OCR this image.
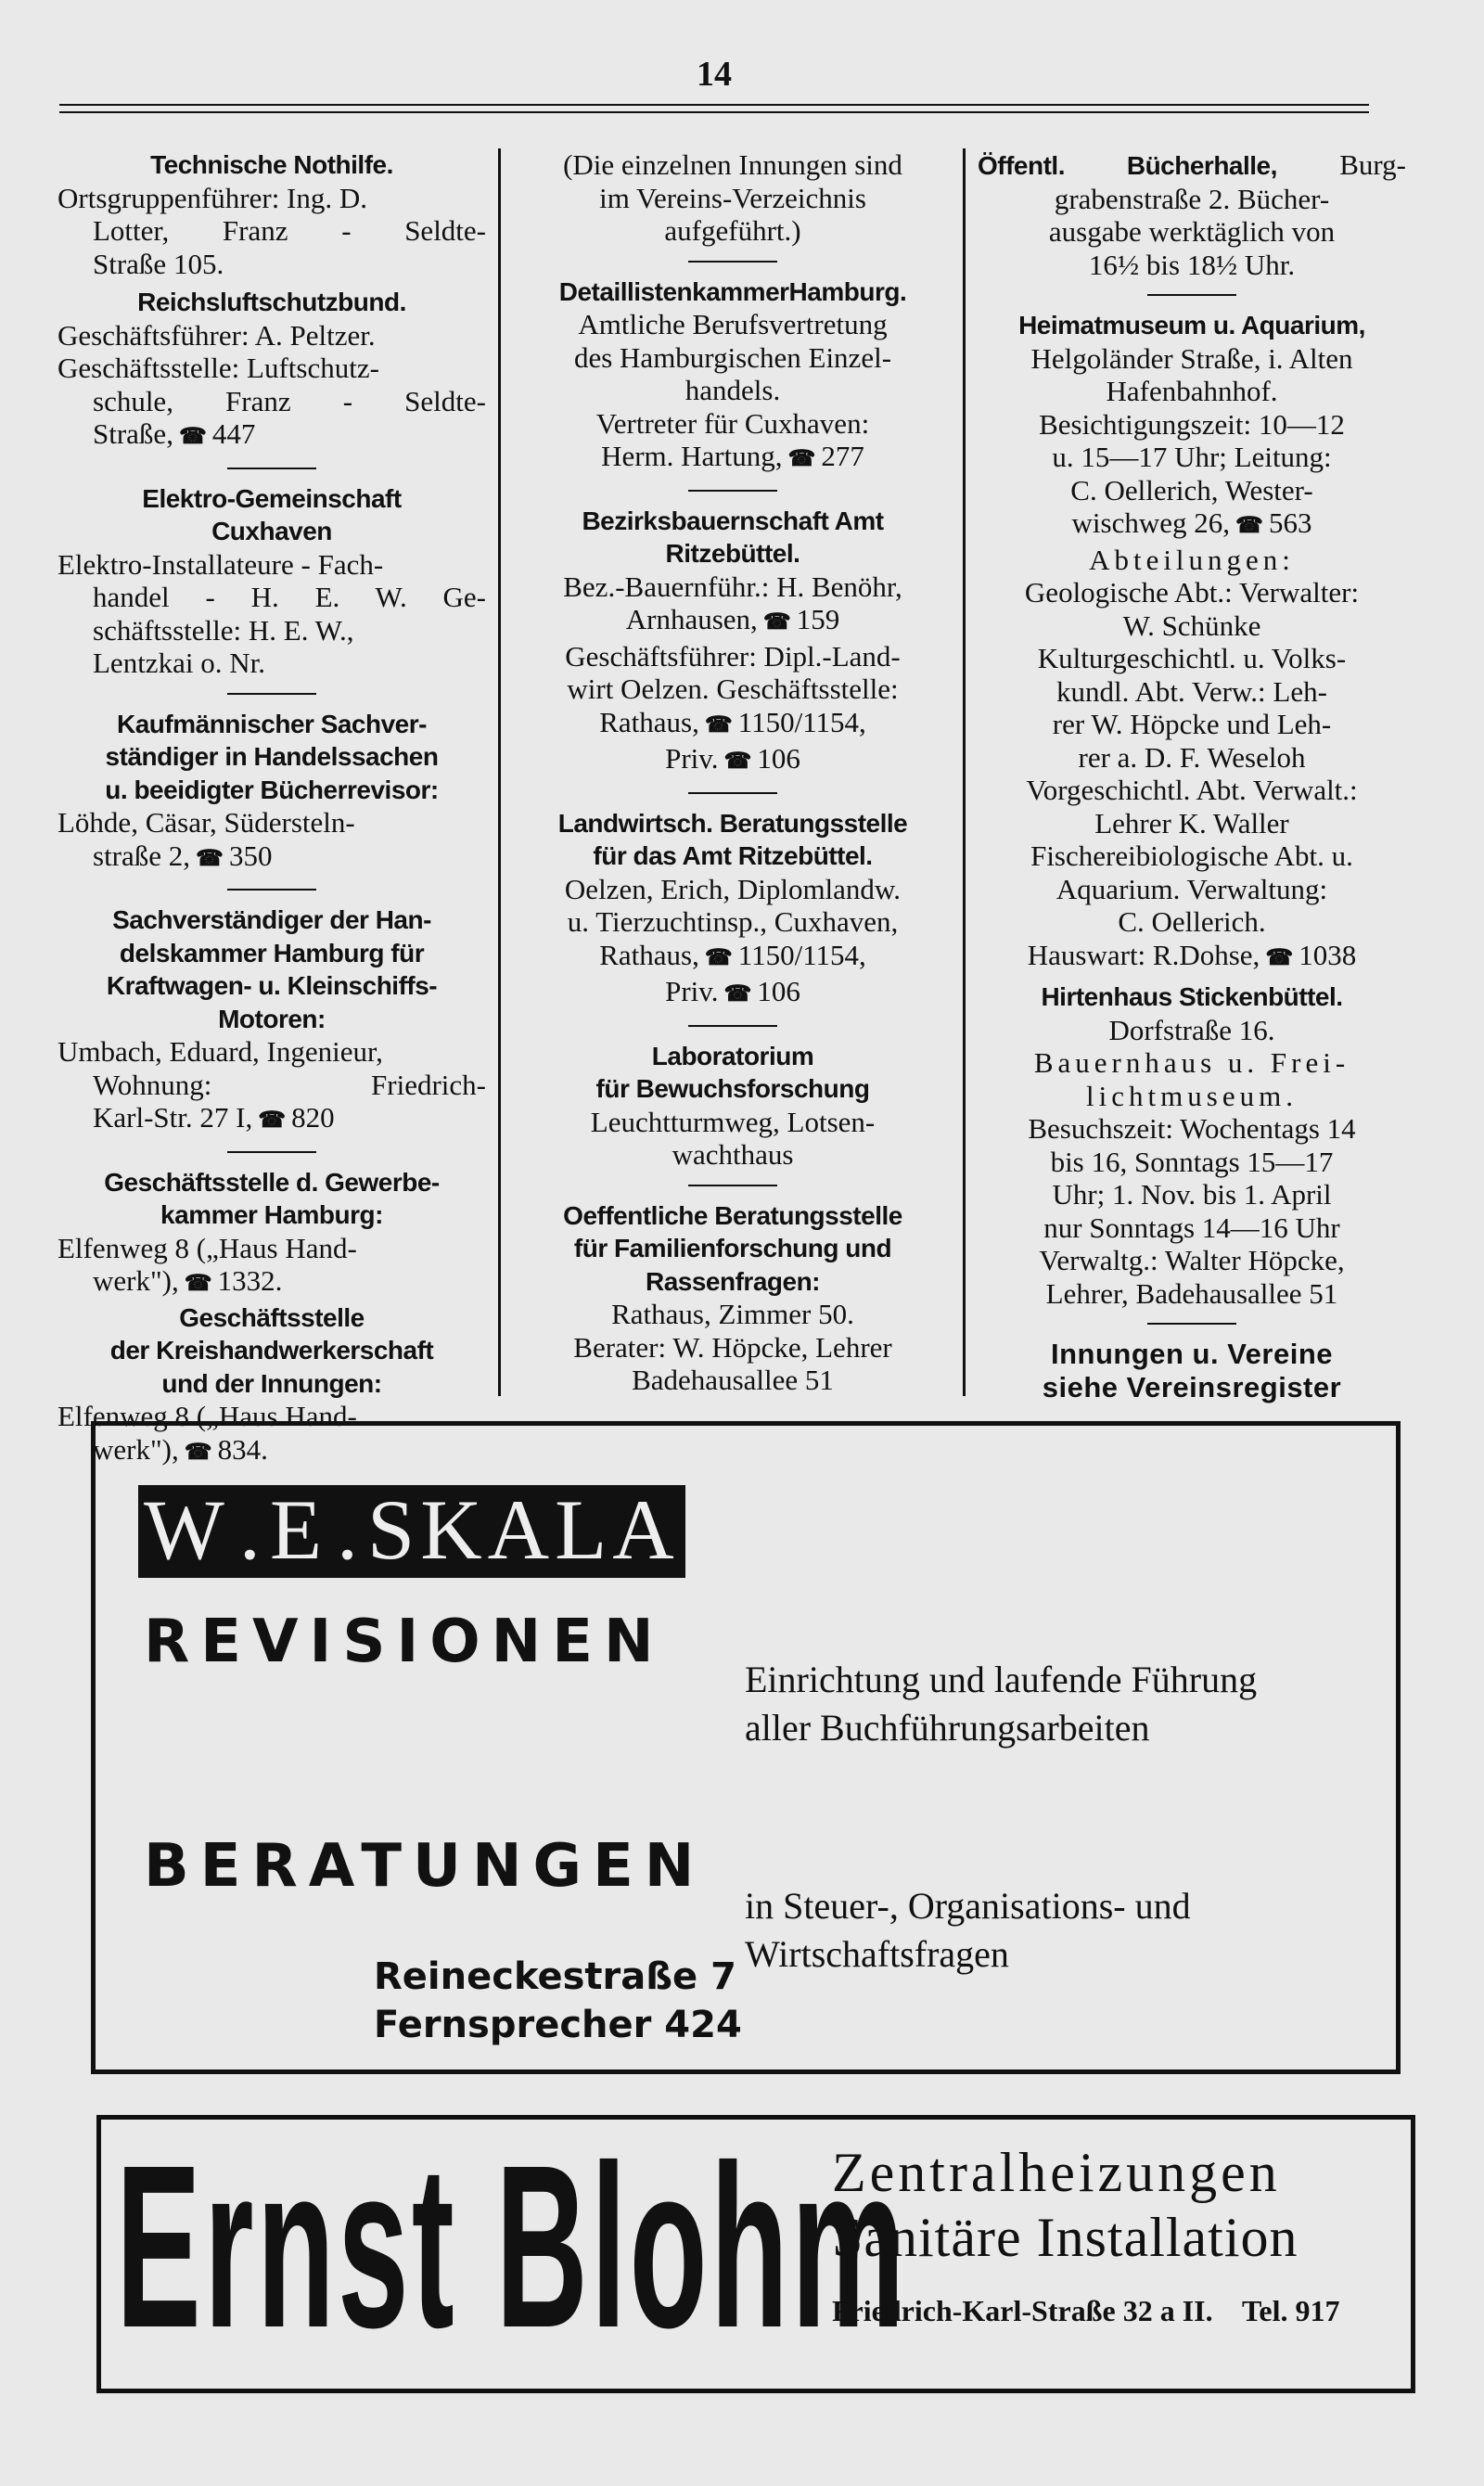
14
Technische Nothilfe.
Ortsgruppenführer: Ing. D.
Lotter, Franz - Seldte-
Straße 105.
Reichsluftschutzbund.
Geschäftsführer: A. Peltzer.
Geschäftsstelle: Luftschutz-
schule, Franz - Seldte-
Straße, ☎ 447
Elektro-Gemeinschaft
Cuxhaven
Elektro-Installateure - Fach-
handel - H. E. W. Ge-
schäftsstelle: H. E. W.,
Lentzkai o. Nr.
Kaufmännischer Sachver-
ständiger in Handelssachen
u. beeidigter Bücherrevisor:
Löhde, Cäsar, Südersteln-
straße 2, ☎ 350
Sachverständiger der Han-
delskammer Hamburg für
Kraftwagen- u. Kleinschiffs-
Motoren:
Umbach, Eduard, Ingenieur,
Wohnung: Friedrich-
Karl-Str. 27 I, ☎ 820
Geschäftsstelle d. Gewerbe-
kammer Hamburg:
Elfenweg 8 („Haus Hand-
werk"), ☎ 1332.
Geschäftsstelle
der Kreishandwerkerschaft
und der Innungen:
Elfenweg 8 („Haus Hand-
werk"), ☎ 834.
(Die einzelnen Innungen sind
im Vereins-Verzeichnis
aufgeführt.)
DetaillistenkammerHamburg.
Amtliche Berufsvertretung
des Hamburgischen Einzel-
handels.
Vertreter für Cuxhaven:
Herm. Hartung, ☎ 277
Bezirksbauernschaft Amt
Ritzebüttel.
Bez.-Bauernführ.: H. Benöhr,
Arnhausen, ☎ 159
Geschäftsführer: Dipl.-Land-
wirt Oelzen. Geschäftsstelle:
Rathaus, ☎ 1150/1154,
Priv. ☎ 106
Landwirtsch. Beratungsstelle
für das Amt Ritzebüttel.
Oelzen, Erich, Diplomlandw.
u. Tierzuchtinsp., Cuxhaven,
Rathaus, ☎ 1150/1154,
Priv. ☎ 106
Laboratorium
für Bewuchsforschung
Leuchtturmweg, Lotsen-
wachthaus
Oeffentliche Beratungsstelle
für Familienforschung und
Rassenfragen:
Rathaus, Zimmer 50.
Berater: W. Höpcke, Lehrer
Badehausallee 51
Öffentl. Bücherhalle, Burg-
grabenstraße 2. Bücher-
ausgabe werktäglich von
16½ bis 18½ Uhr.
Heimatmuseum u. Aquarium,
Helgoländer Straße, i. Alten
Hafenbahnhof.
Besichtigungszeit: 10—12
u. 15—17 Uhr; Leitung:
C. Oellerich, Wester-
wischweg 26, ☎ 563
Abteilungen:
Geologische Abt.: Verwalter:
W. Schünke
Kulturgeschichtl. u. Volks-
kundl. Abt. Verw.: Leh-
rer W. Höpcke und Leh-
rer a. D. F. Weseloh
Vorgeschichtl. Abt. Verwalt.:
Lehrer K. Waller
Fischereibiologische Abt. u.
Aquarium. Verwaltung:
C. Oellerich.
Hauswart: R.Dohse, ☎ 1038
Hirtenhaus Stickenbüttel.
Dorfstraße 16.
Bauernhaus u. Frei-
lichtmuseum.
Besuchszeit: Wochentags 14
bis 16, Sonntags 15—17
Uhr; 1. Nov. bis 1. April
nur Sonntags 14—16 Uhr
Verwaltg.: Walter Höpcke,
Lehrer, Badehausallee 51
Innungen u. Vereine
siehe Vereinsregister
W . E . SKALA
REVISIONEN
Einrichtung und laufende Führung
aller Buchführungsarbeiten
BERATUNGEN
in Steuer-, Organisations- und
Wirtschaftsfragen
Reineckestraße 7
Fernsprecher 424
Ernst Blohm
Zentralheizungen
Sanitäre Installation
Friedrich-Karl-Straße 32 a II.    Tel. 917
